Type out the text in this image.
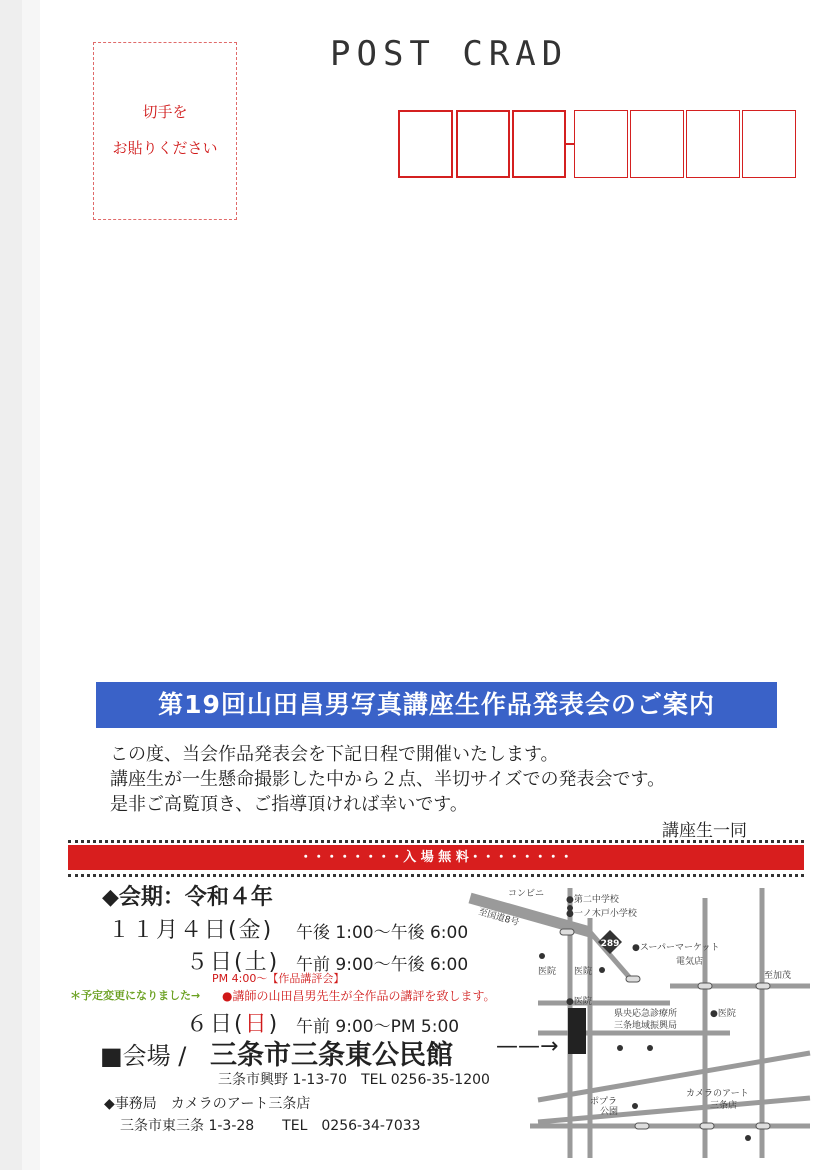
切手を
お貼りください
POST CRAD
第19回山田昌男写真講座生作品発表会のご案内
この度、当会作品発表会を下記日程で開催いたします。
講座生が一生懸命撮影した中から２点、半切サイズでの発表会です。
是非ご高覧頂き、ご指導頂ければ幸いです。
講座生一同
・・・・・・・・入 場 無 料・・・・・・・・
◆会期：令和４年
１１月４日(金) 午後 1:00〜午後 6:00
５日(土) 午前 9:00〜午後 6:00
PM 4:00〜【作品講評会】
＊予定変更になりました→ ●講師の山田昌男先生が全作品の講評を致します。
６日(日) 午前 9:00〜PM 5:00
■会場 / 三条市三条東公民館 ——→
三条市興野 1-13-70　TEL 0256-35-1200
◆事務局　カメラのアート三条店
三条市東三条 1-3-28　　TEL　0256-34-7033
289
コンビニ
●第二中学校
●一ノ木戸小学校
至国道8号
●スーパーマーケット
電気店
医院 医院
●医院
●医院
至加茂
県央応急診療所
三条地域振興局
ポプラ
公園
カメラのアート
三条店
